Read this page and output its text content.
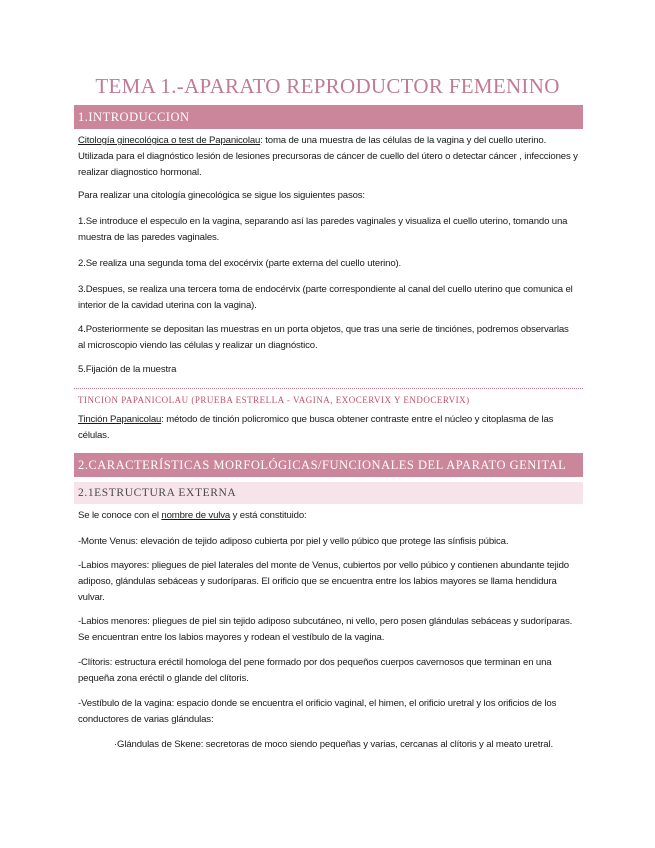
TEMA 1.-APARATO REPRODUCTOR FEMENINO
1.INTRODUCCION
Citología ginecológica o test de Papanicolau: toma de una muestra de las células de la vagina y del cuello uterino. Utilizada para el diagnóstico lesión de lesiones precursoras de cáncer de cuello del útero o detectar cáncer , infecciones y realizar diagnostico hormonal.
Para realizar una citología ginecológica se sigue los siguientes pasos:
1.Se introduce el especulo en la vagina, separando así las paredes vaginales y visualiza el cuello uterino, tomando una muestra de las paredes vaginales.
2.Se realiza una segunda toma del exocérvix (parte externa del cuello uterino).
3.Despues, se realiza una tercera toma de endocérvix (parte correspondiente al canal del cuello uterino que comunica el interior de la cavidad uterina con la vagina).
4.Posteriormente se depositan las muestras en un porta objetos, que tras una serie de tinciónes, podremos observarlas al microscopio viendo las células y realizar un diagnóstico.
5.Fijación de la muestra
TINCION PAPANICOLAU (PRUEBA ESTRELLA - VAGINA, EXOCERVIX Y ENDOCERVIX)
Tinción Papanicolau: método de tinción policromico que busca obtener contraste entre el núcleo y citoplasma de las células.
2.CARACTERÍSTICAS MORFOLÓGICAS/FUNCIONALES DEL APARATO GENITAL
2.1ESTRUCTURA EXTERNA
Se le conoce con el nombre de vulva y está constituido:
-Monte Venus: elevación de tejido adiposo cubierta por piel y vello púbico que protege las sínfisis púbica.
-Labios mayores: pliegues de piel laterales del monte de Venus, cubiertos por vello púbico y contienen abundante tejido adiposo, glándulas sebáceas y sudoríparas. El orificio que se encuentra entre los labios mayores se llama hendidura vulvar.
-Labios menores: pliegues de piel sin tejido adiposo subcutáneo, ni vello, pero posen glándulas sebáceas y sudoríparas. Se encuentran entre los labios mayores y rodean el vestíbulo de la vagina.
-Clítoris: estructura eréctil homologa del pene formado por dos pequeños cuerpos cavernosos que terminan en una pequeña zona eréctil o glande del clítoris.
-Vestíbulo de la vagina: espacio donde se encuentra el orificio vaginal, el himen, el orificio uretral y los orificios de los conductores de varias glándulas:
·Glándulas de Skene: secretoras de moco siendo pequeñas y varias, cercanas al clítoris y al meato uretral.
